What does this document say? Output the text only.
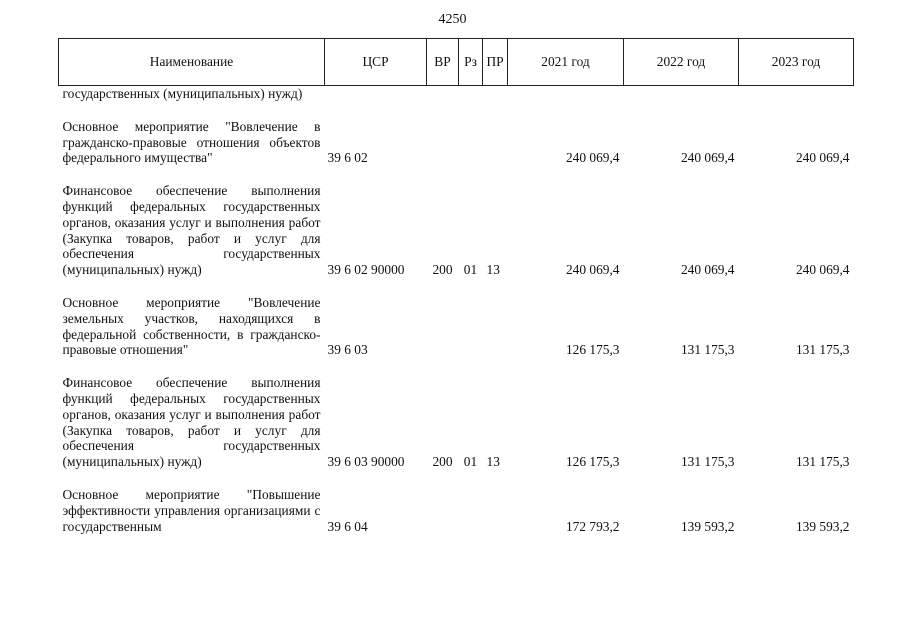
4250
Наименование	ЦСР	ВР	Рз	ПР	2021 год	2022 год	2023 год
государственных (муниципальных) нужд)							
Основное мероприятие "Вовлечение в гражданско-правовые отношения объектов федерального имущества"	39 6 02				240 069,4	240 069,4	240 069,4
Финансовое обеспечение выполнения функций федеральных государственных органов, оказания услуг и выполнения работ (Закупка товаров, работ и услуг для обеспечения государственных (муниципальных) нужд)	39 6 02 90000	200	01	13	240 069,4	240 069,4	240 069,4
Основное мероприятие "Вовлечение земельных участков, находящихся в федеральной собственности, в гражданско-правовые отношения"	39 6 03				126 175,3	131 175,3	131 175,3
Финансовое обеспечение выполнения функций федеральных государственных органов, оказания услуг и выполнения работ (Закупка товаров, работ и услуг для обеспечения государственных (муниципальных) нужд)	39 6 03 90000	200	01	13	126 175,3	131 175,3	131 175,3
Основное мероприятие "Повышение эффективности управления организациями с государственным	39 6 04				172 793,2	139 593,2	139 593,2
